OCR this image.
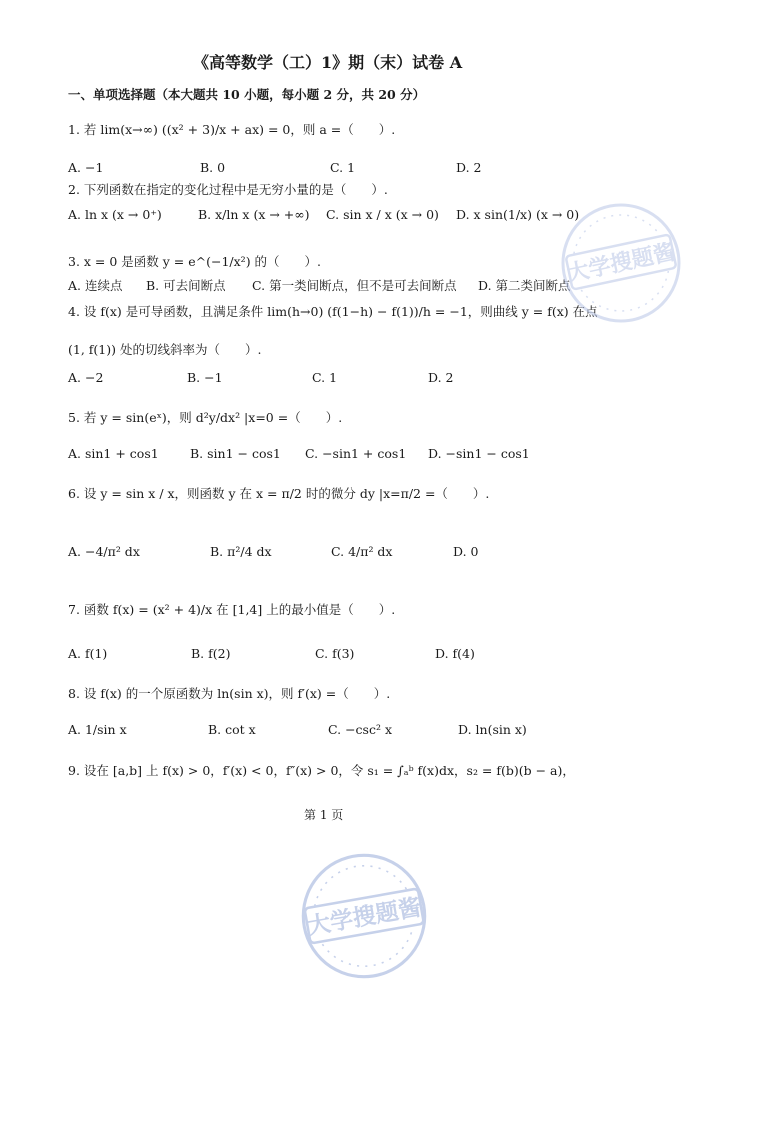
《高等数学（工）1》期（末）试卷 A
一、单项选择题（本大题共 10 小题，每小题 2 分，共 20 分）
1. 若 lim(x→∞) ((x² + 3)/x + ax) = 0，则 a =（　　）.
A. −1	B. 0	C. 1	D. 2
2. 下列函数在指定的变化过程中是无穷小量的是（　　）.
A. ln x (x → 0⁺)	B. x/ln x (x → +∞) C. sin x / x (x → 0) D. x sin(1/x) (x → 0)
3. x = 0 是函数 y = e^(−1/x²) 的（　　）.
A. 连续点 B. 可去间断点 C. 第一类间断点，但不是可去间断点 D. 第二类间断点
4. 设 f(x) 是可导函数，且满足条件 lim(h→0) (f(1−h) − f(1))/h = −1，则曲线 y = f(x) 在点
(1, f(1)) 处的切线斜率为（　　）.
A. −2	B. −1	C. 1	D. 2
5. 若 y = sin(eˣ)，则 d²y/dx² |x=0 =（　　）.
A. sin1 + cos1	B. sin1 − cos1 C. −sin1 + cos1 D. −sin1 − cos1
6. 设 y = sin x / x，则函数 y 在 x = π/2 时的微分 dy |x=π/2 =（　　）.
A. −4/π² dx	B. π²/4 dx	C. 4/π² dx	D. 0
7. 函数 f(x) = (x² + 4)/x 在 [1,4] 上的最小值是（　　）.
A. f(1)	B. f(2)	C. f(3)	D. f(4)
8. 设 f(x) 的一个原函数为 ln(sin x)，则 f′(x) =（　　）.
A. 1/sin x	B. cot x	C. −csc² x	D. ln(sin x)
9. 设在 [a,b] 上 f(x) > 0，f′(x) < 0，f″(x) > 0，令 s₁ = ∫ₐᵇ f(x)dx，s₂ = f(b)(b − a)，
第 1 页
大学搜题酱
大学搜题酱
